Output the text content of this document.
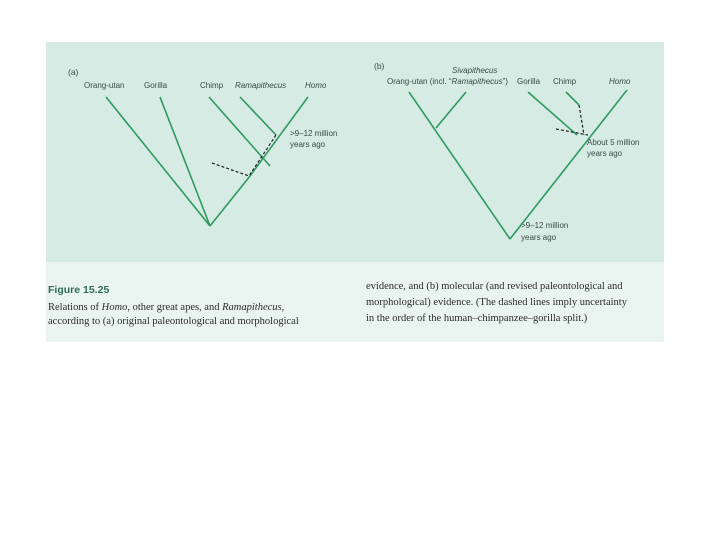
(a)
Orang-utan Gorilla	Chimp Ramapithecus Homo
>9–12 million
years ago
(b)	Sivapithecus
Orang-utan (incl. “Ramapithecus”) Gorilla Chimp	Homo
About 5 million
years ago
>9–12 million
years ago
Figure 15.25
Relations of Homo, other great apes, and Ramapithecus,
according to (a) original paleontological and morphological
evidence, and (b) molecular (and revised paleontological and
morphological) evidence. (The dashed lines imply uncertainty
in the order of the human–chimpanzee–gorilla split.)
